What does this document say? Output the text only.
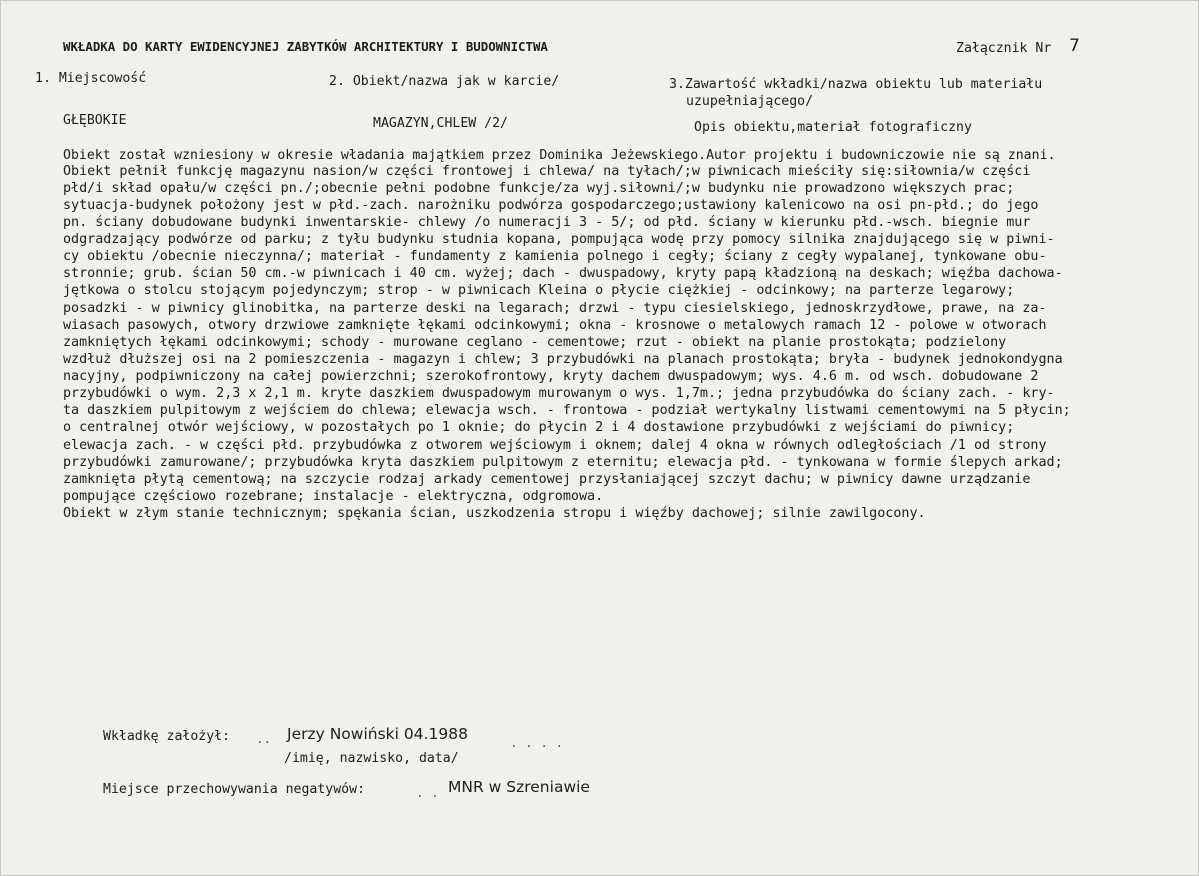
WKŁADKA DO KARTY EWIDENCYJNEJ ZABYTKÓW ARCHITEKTURY I BUDOWNICTWA	Załącznik Nr 7
1. Miejscowość	2. Obiekt/nazwa jak w karcie/	3.Zawartość wkładki/nazwa obiektu lub materiału
uzupełniającego/
GŁĘBOKIE	MAGAZYN,CHLEW /2/	Opis obiektu,materiał fotograficzny
Obiekt został wzniesiony w okresie władania majątkiem przez Dominika Jeżewskiego.Autor projektu i budowniczowie nie są znani.
Obiekt pełnił funkcję magazynu nasion/w części frontowej i chlewa/ na tyłach/;w piwnicach mieściły się:siłownia/w części
płd/i skład opału/w części pn./;obecnie pełni podobne funkcje/za wyj.siłowni/;w budynku nie prowadzono większych prac;
sytuacja-budynek położony jest w płd.-zach. narożniku podwórza gospodarczego;ustawiony kalenicowo na osi pn-płd.; do jego
pn. ściany dobudowane budynki inwentarskie- chlewy /o numeracji 3 - 5/; od płd. ściany w kierunku płd.-wsch. biegnie mur
odgradzający podwórze od parku; z tyłu budynku studnia kopana, pompująca wodę przy pomocy silnika znajdującego się w piwni-
cy obiektu /obecnie nieczynna/; materiał - fundamenty z kamienia polnego i cegły; ściany z cegły wypalanej, tynkowane obu-
stronnie; grub. ścian 50 cm.-w piwnicach i 40 cm. wyżej; dach - dwuspadowy, kryty papą kładzioną na deskach; więźba dachowa-
jętkowa o stolcu stojącym pojedynczym; strop - w piwnicach Kleina o płycie ciężkiej - odcinkowy; na parterze legarowy;
posadzki - w piwnicy glinobitka, na parterze deski na legarach; drzwi - typu ciesielskiego, jednoskrzydłowe, prawe, na za-
wiasach pasowych, otwory drzwiowe zamknięte łękami odcinkowymi; okna - krosnowe o metalowych ramach 12 - polowe w otworach
zamkniętych łękami odcinkowymi; schody - murowane ceglano - cementowe; rzut - obiekt na planie prostokąta; podzielony
wzdłuż dłuższej osi na 2 pomieszczenia - magazyn i chlew; 3 przybudówki na planach prostokąta; bryła - budynek jednokondygna
nacyjny, podpiwniczony na całej powierzchni; szerokofrontowy, kryty dachem dwuspadowym; wys. 4.6 m. od wsch. dobudowane 2
przybudówki o wym. 2,3 x 2,1 m. kryte daszkiem dwuspadowym murowanym o wys. 1,7m.; jedna przybudówka do ściany zach. - kry-
ta daszkiem pulpitowym z wejściem do chlewa; elewacja wsch. - frontowa - podział wertykalny listwami cementowymi na 5 płycin;
o centralnej otwór wejściowy, w pozostałych po 1 oknie; do płycin 2 i 4 dostawione przybudówki z wejściami do piwnicy;
elewacja zach. - w części płd. przybudówka z otworem wejściowym i oknem; dalej 4 okna w równych odległościach /1 od strony
przybudówki zamurowane/; przybudówka kryta daszkiem pulpitowym z eternitu; elewacja płd. - tynkowana w formie ślepych arkad;
zamknięta płytą cementową; na szczycie rodzaj arkady cementowej przysłaniającej szczyt dachu; w piwnicy dawne urządzanie
pompujące częściowo rozebrane; instalacje - elektryczna, odgromowa.
Obiekt w złym stanie technicznym; spękania ścian, uszkodzenia stropu i więźby dachowej; silnie zawilgocony.
Wkładkę założył: .. Jerzy Nowiński 04.1988	. . . .
/imię, nazwisko, data/
Miejsce przechowywania negatywów:	. . MNR w Szreniawie
